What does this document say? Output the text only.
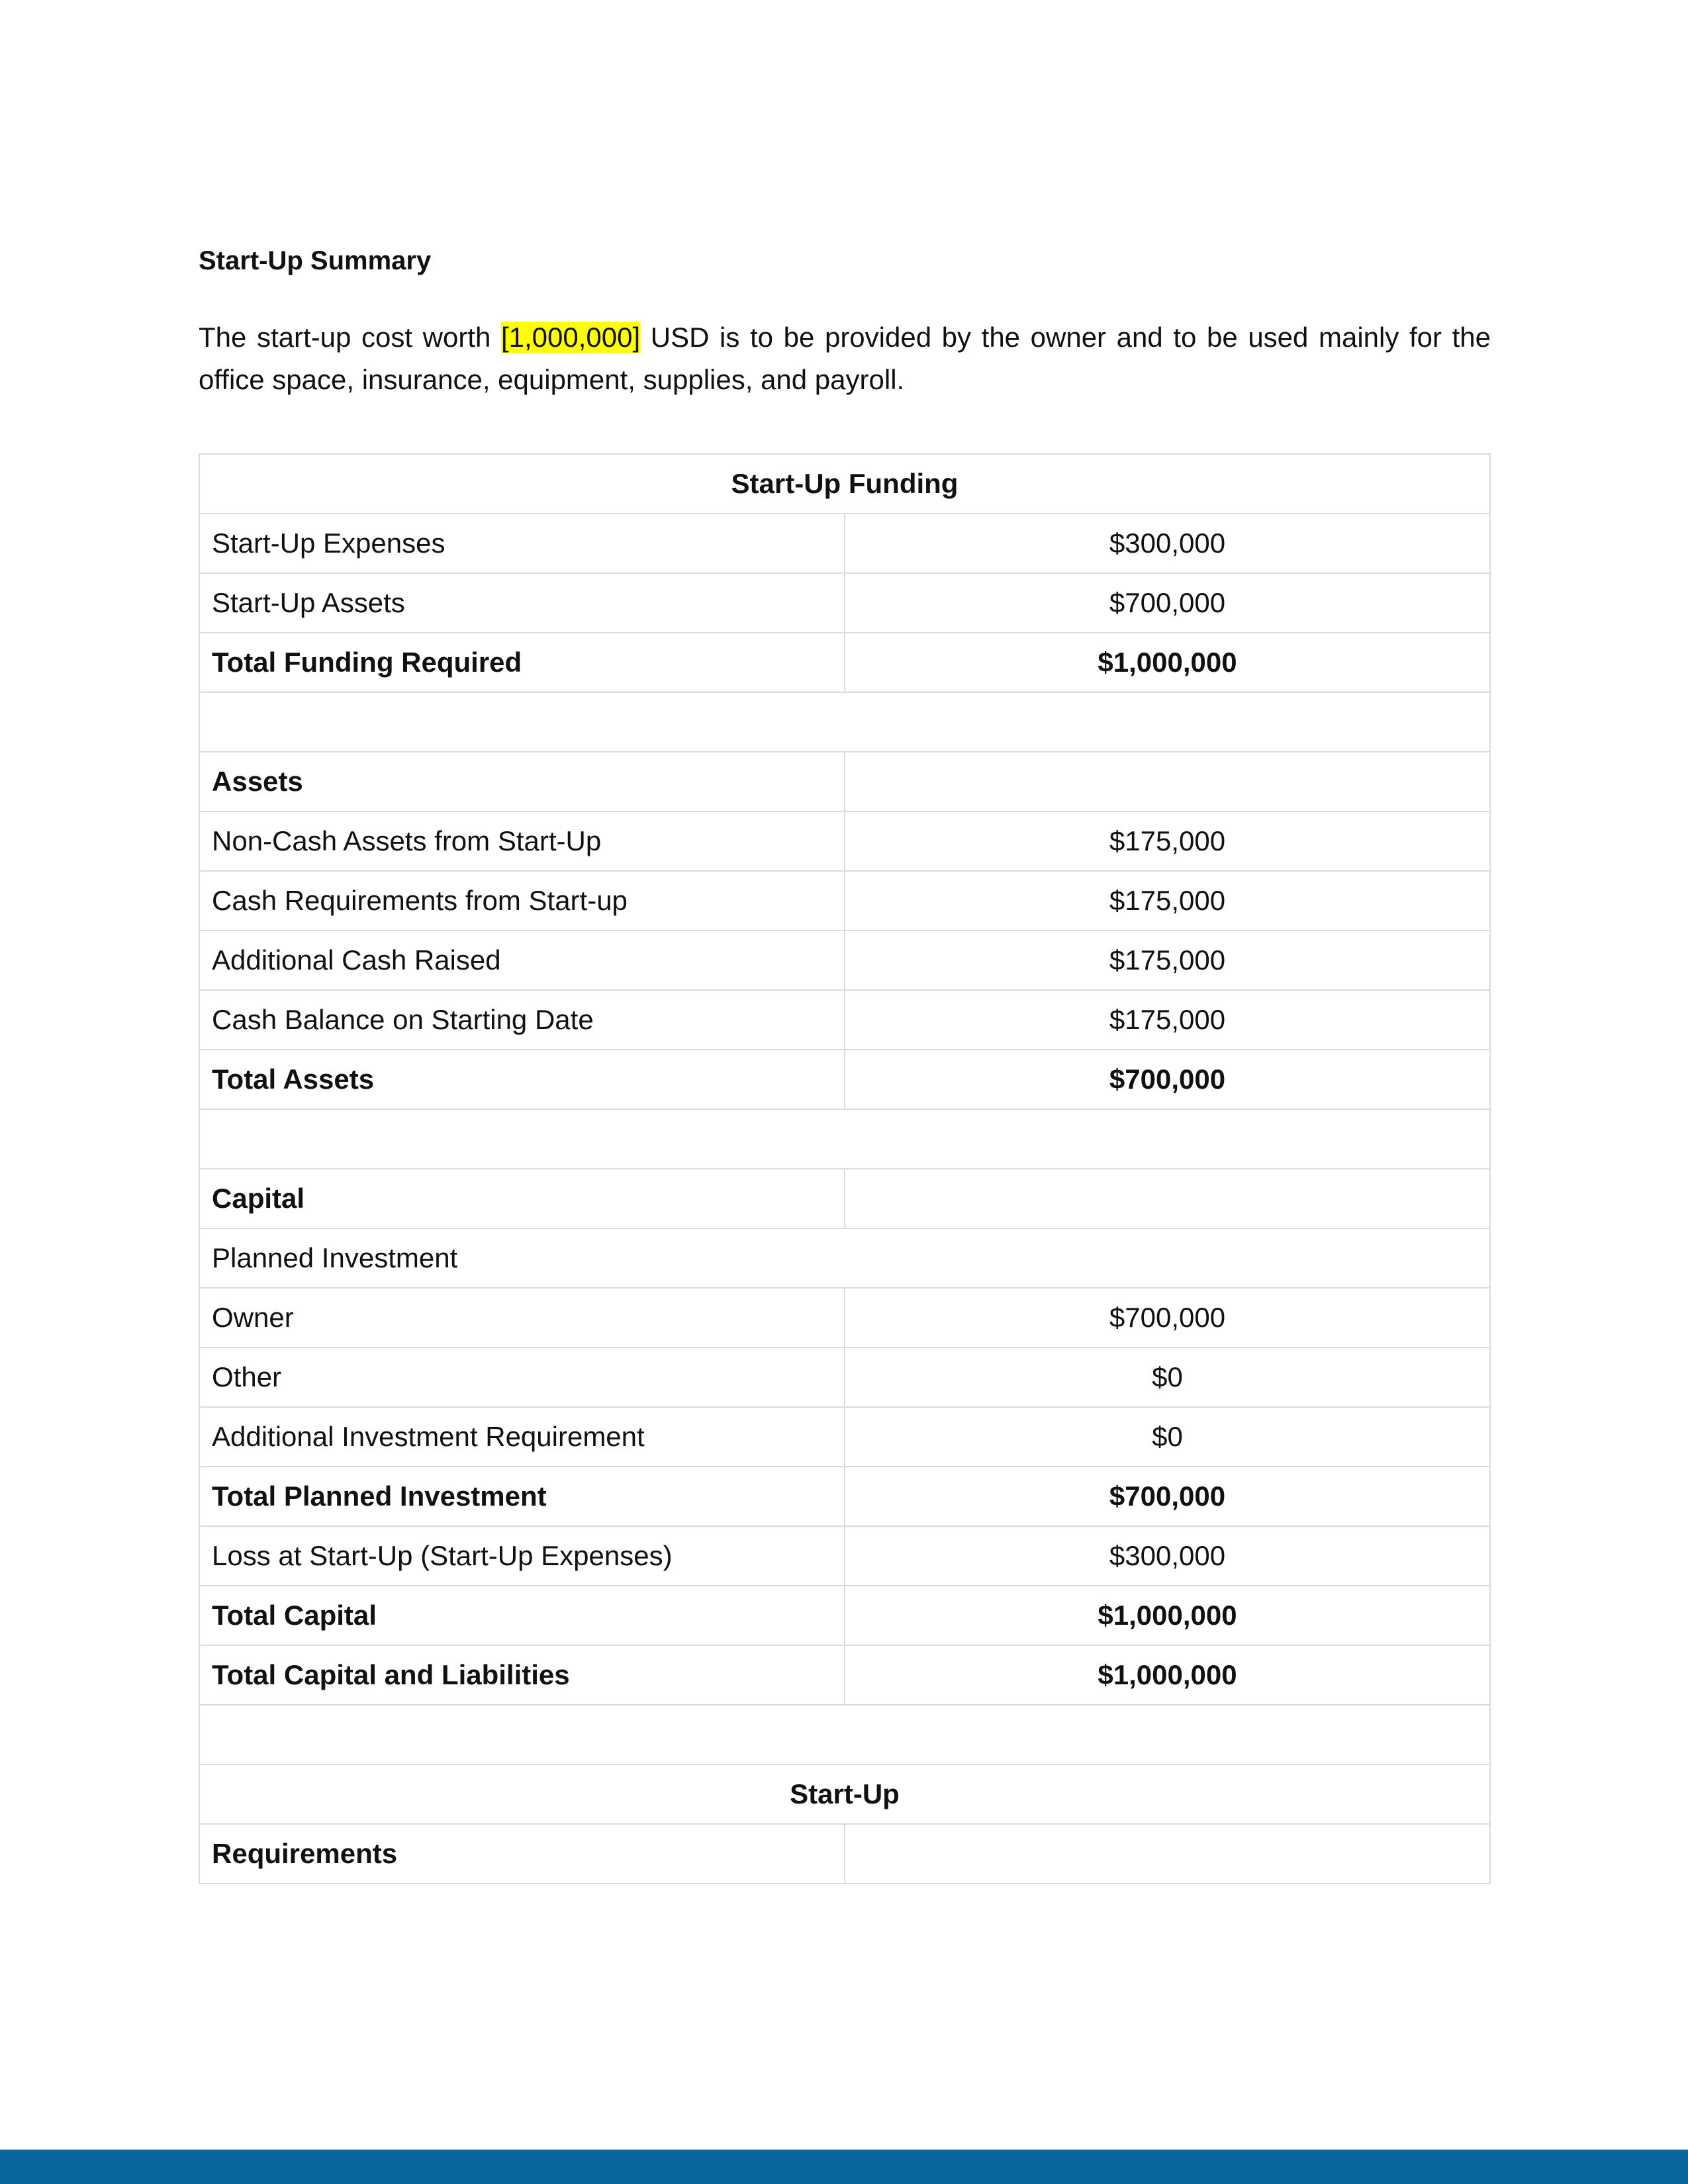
Start-Up Summary

The start-up cost worth [1,000,000] USD is to be provided by the owner and to be used mainly for the office space, insurance, equipment, supplies, and payroll.

Start-Up Funding	
Start-Up Expenses	$300,000
Start-Up Assets	$700,000
Total Funding Required	$1,000,000

Assets	
Non-Cash Assets from Start-Up	$175,000
Cash Requirements from Start-up	$175,000
Additional Cash Raised	$175,000
Cash Balance on Starting Date	$175,000
Total Assets	$700,000

Capital	
Planned Investment	
Owner	$700,000
Other	$0
Additional Investment Requirement	$0
Total Planned Investment	$700,000
Loss at Start-Up (Start-Up Expenses)	$300,000
Total Capital	$1,000,000
Total Capital and Liabilities	$1,000,000

Start-Up	
Requirements	
